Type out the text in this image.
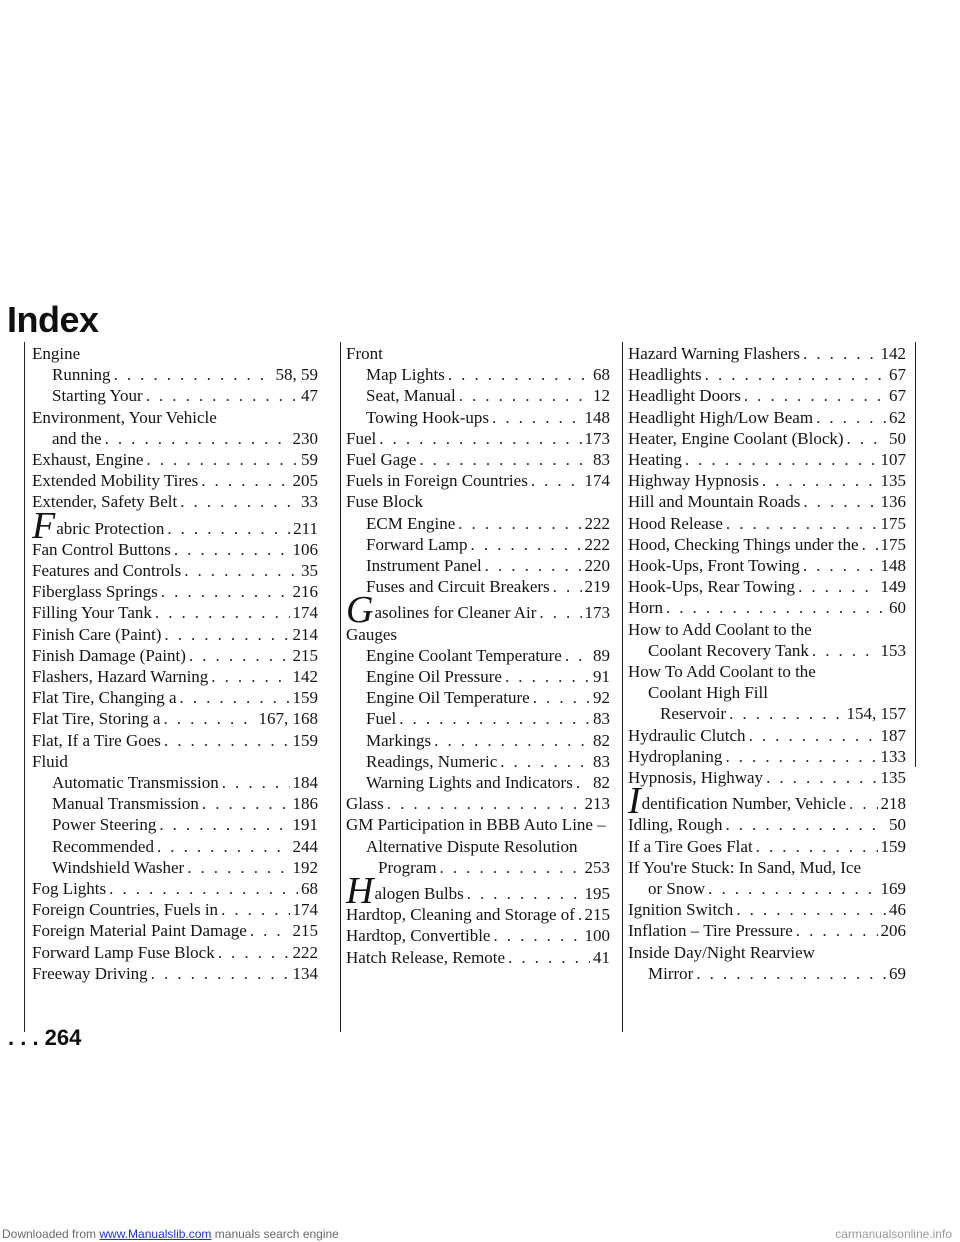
Index
Engine
Running . . .	58, 59
Starting Your . . .	47
Environment, Your Vehicle
and the . . .	230
Exhaust, Engine . . .	59
Extended Mobility Tires . . .	205
Extender, Safety Belt . . .	33
Fabric Protection . . .	211
Fan Control Buttons . . .	106
Features and Controls . . .	35
Fiberglass Springs . . .	216
Filling Your Tank . . .	174
Finish Care (Paint) . . .	214
Finish Damage (Paint) . . .	215
Flashers, Hazard Warning . . .	142
Flat Tire, Changing a . . .	159
Flat Tire, Storing a . . .	167, 168
Flat, If a Tire Goes . . .	159
Fluid
Automatic Transmission . . .	184
Manual Transmission . . .	186
Power Steering . . .	191
Recommended . . .	244
Windshield Washer . . .	192
Fog Lights . . .	68
Foreign Countries, Fuels in . . .	174
Foreign Material Paint Damage . . .	215
Forward Lamp Fuse Block . . .	222
Freeway Driving . . .	134
Front
Map Lights . . .	68
Seat, Manual . . .	12
Towing Hook-ups . . .	148
Fuel . . .	173
Fuel Gage . . .	83
Fuels in Foreign Countries . . .	174
Fuse Block
ECM Engine . . .	222
Forward Lamp . . .	222
Instrument Panel . . .	220
Fuses and Circuit Breakers . . . 219
Gasolines for Cleaner Air . . .	173
Gauges
Engine Coolant Temperature . . . 89
Engine Oil Pressure . . .	91
Engine Oil Temperature . . .	92
Fuel . . .	83
Markings . . .	82
Readings, Numeric . . .	83
Warning Lights and Indicators . . . 82
Glass . . .	213
GM Participation in BBB Auto Line –
Alternative Dispute Resolution
Program . . .	253
Halogen Bulbs . . .	195
Hardtop, Cleaning and Storage of . . . 215
Hardtop, Convertible . . .	100
Hatch Release, Remote . . .	41
Hazard Warning Flashers . . .	142
Headlights . . .	67
Headlight Doors . . .	67
Headlight High/Low Beam . . .	62
Heater, Engine Coolant (Block) . . .	50
Heating . . .	107
Highway Hypnosis . . .	135
Hill and Mountain Roads . . .	136
Hood Release . . .	175
Hood, Checking Things under the . . . 175
Hook-Ups, Front Towing . . .	148
Hook-Ups, Rear Towing . . .	149
Horn . . .	60
How to Add Coolant to the
Coolant Recovery Tank . . .	153
How To Add Coolant to the
Coolant High Fill
Reservoir . . .	154, 157
Hydraulic Clutch . . .	187
Hydroplaning . . .	133
Hypnosis, Highway . . .	135
Identification Number, Vehicle . . . 218
Idling, Rough . . .	50
If a Tire Goes Flat . . .	159
If You're Stuck: In Sand, Mud, Ice
or Snow . . .	169
Ignition Switch . . .	46
Inflation – Tire Pressure . . .	206
Inside Day/Night Rearview
Mirror . . .	69
. . . 264
Downloaded from www.Manualslib.com manuals search engine	carmanualsonline.info
